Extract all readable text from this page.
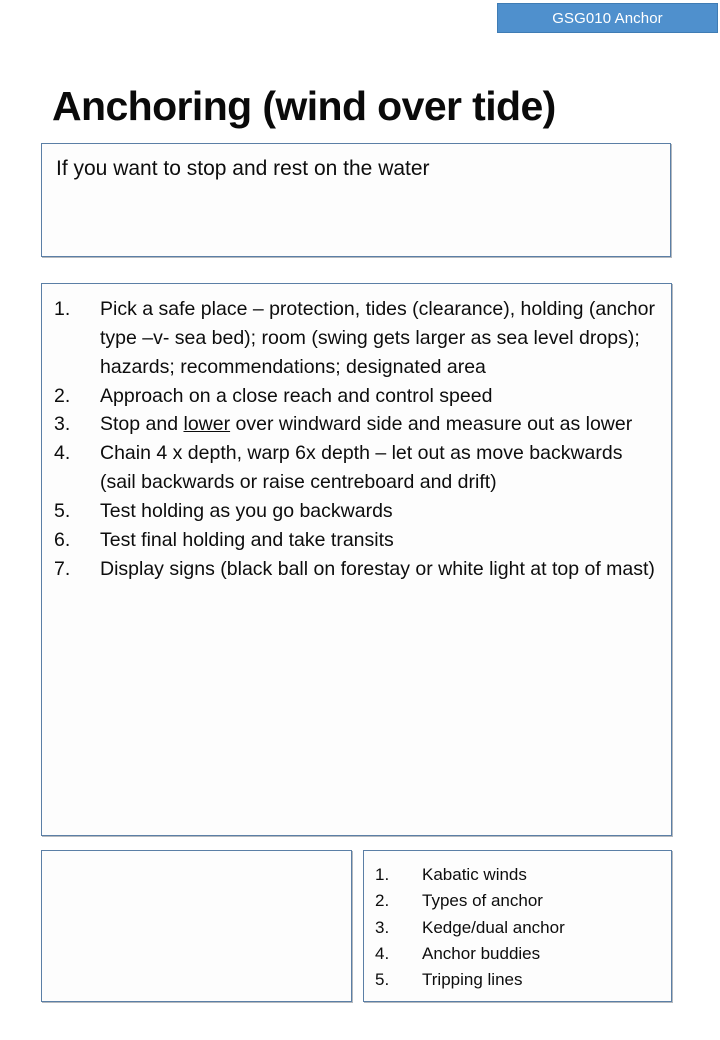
GSG010 Anchor
Anchoring (wind over tide)
If you want to stop and rest on the water
1.	Pick a safe place – protection, tides (clearance), holding (anchor type –v- sea bed); room (swing gets larger as sea level drops); hazards; recommendations; designated area
2.	Approach on a close reach and control speed
3.	Stop and lower over windward side and measure out as lower
4.	Chain 4 x depth, warp 6x depth – let out as move backwards (sail backwards or raise centreboard and drift)
5.	Test holding as you go backwards
6.	Test final holding and take transits
7.	Display signs (black ball on forestay or white light at top of mast)
1.	Kabatic winds
2.	Types of anchor
3.	Kedge/dual anchor
4.	Anchor buddies
5.	Tripping lines
